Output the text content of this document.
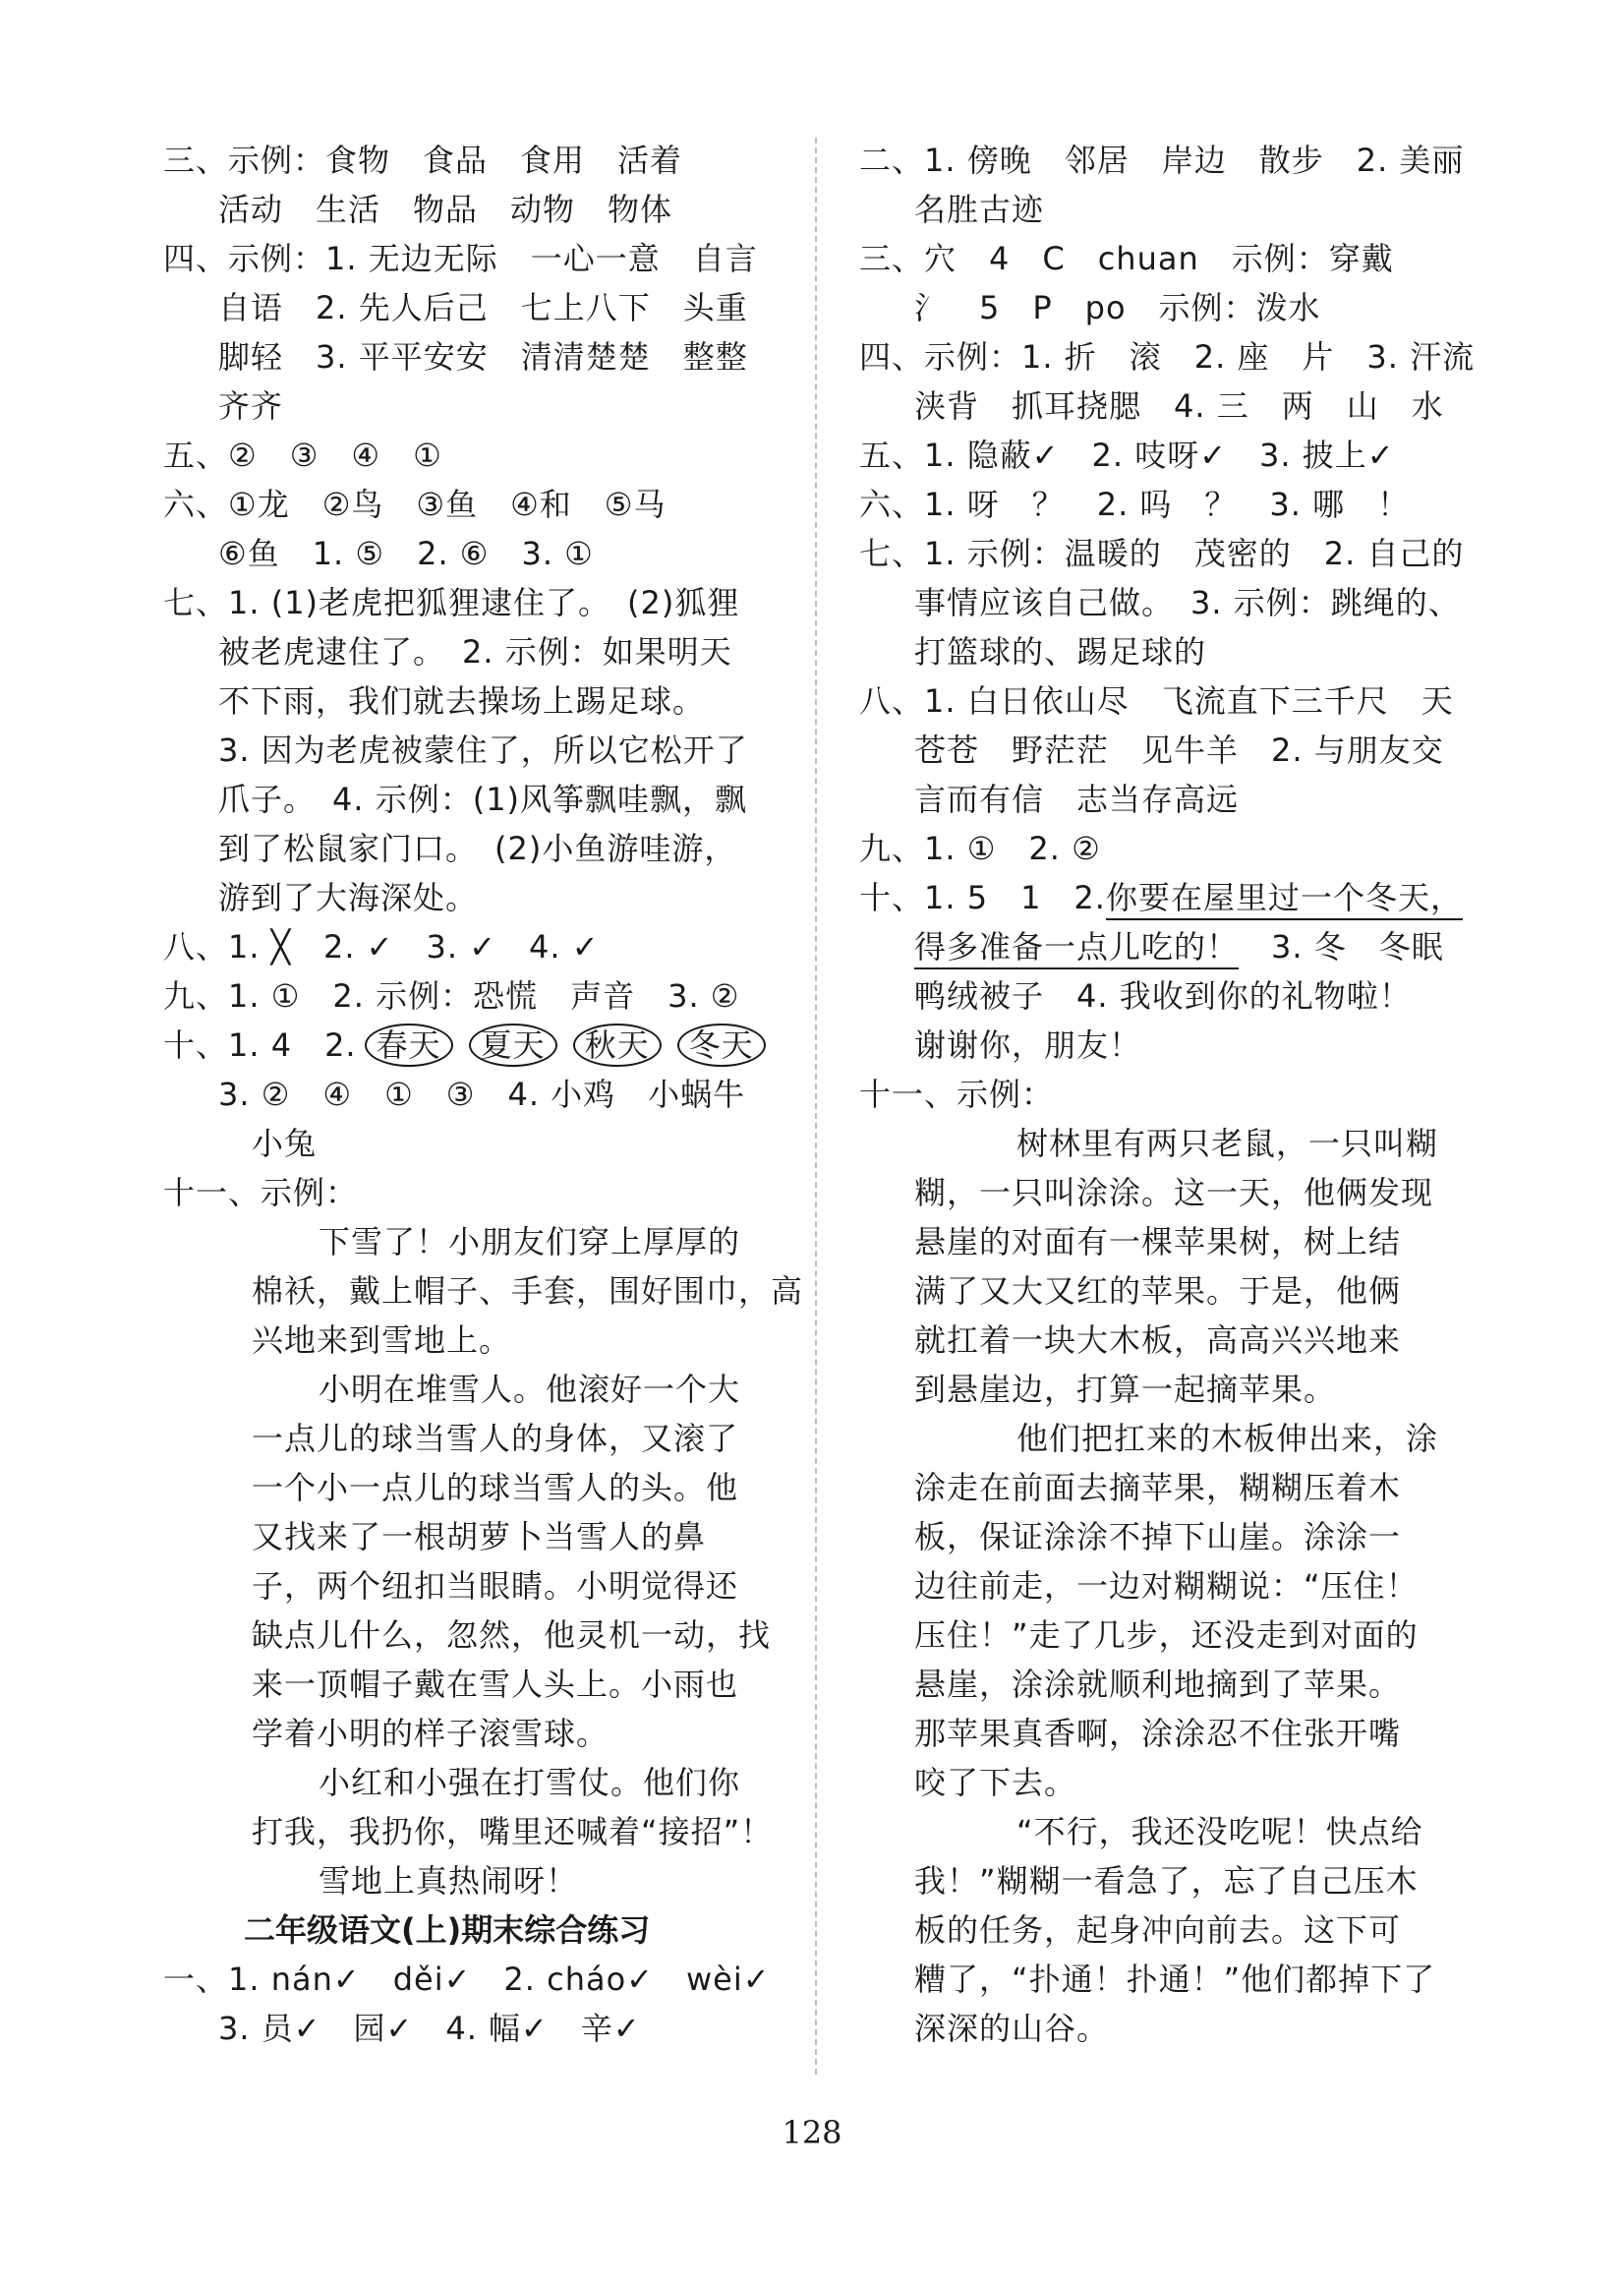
三、示例：食物　食品　食用　活着
活动　生活　物品　动物　物体
四、示例：1. 无边无际　一心一意　自言
自语　2. 先人后己　七上八下　头重
脚轻　3. 平平安安　清清楚楚　整整
齐齐
五、②　③　④　①
六、①龙　②鸟　③鱼　④和　⑤马
⑥鱼　1. ⑤　2. ⑥　3. ①
七、1. (1)老虎把狐狸逮住了。　(2)狐狸
被老虎逮住了。　2. 示例：如果明天
不下雨，我们就去操场上踢足球。
3. 因为老虎被蒙住了，所以它松开了
爪子。　4. 示例：(1)风筝飘哇飘，飘
到了松鼠家门口。　(2)小鱼游哇游，
游到了大海深处。
八、1. ╳　2. ✓　3. ✓　4. ✓
九、1. ①　2. 示例：恐慌　声音　3. ②
十、1. 4　2. 春天 夏天 秋天 冬天
3. ②　④　①　③　4. 小鸡　小蜗牛
小兔
十一、示例：
下雪了！小朋友们穿上厚厚的
棉袄，戴上帽子、手套，围好围巾，高
兴地来到雪地上。
小明在堆雪人。他滚好一个大
一点儿的球当雪人的身体，又滚了
一个小一点儿的球当雪人的头。他
又找来了一根胡萝卜当雪人的鼻
子，两个纽扣当眼睛。小明觉得还
缺点儿什么，忽然，他灵机一动，找
来一顶帽子戴在雪人头上。小雨也
学着小明的样子滚雪球。
小红和小强在打雪仗。他们你
打我，我扔你，嘴里还喊着“接招”！
雪地上真热闹呀！
二年级语文(上)期末综合练习
一、1. nán✓　děi✓　2. cháo✓　wèi✓
3. 员✓　园✓　4. 幅✓　辛✓
二、1. 傍晚　邻居　岸边　散步　2. 美丽
名胜古迹
三、穴　4　C　chuan　示例：穿戴
氵　5　P　po　示例：泼水
四、示例：1. 折　滚　2. 座　片　3. 汗流
浃背　抓耳挠腮　4. 三　两　山　水
五、1. 隐蔽✓　2. 吱呀✓　3. 披上✓
六、1. 呀　？　2. 吗　？　3. 哪　！
七、1. 示例：温暖的　茂密的　2. 自己的
事情应该自己做。　3. 示例：跳绳的、
打篮球的、踢足球的
八、1. 白日依山尽　飞流直下三千尺　天
苍苍　野茫茫　见牛羊　2. 与朋友交
言而有信　志当存高远
九、1. ①　2. ②
十、1. 5　1　2.你要在屋里过一个冬天，
得多准备一点儿吃的！　3. 冬　冬眠
鸭绒被子　4. 我收到你的礼物啦！
谢谢你，朋友！
十一、示例：
树林里有两只老鼠，一只叫糊
糊，一只叫涂涂。这一天，他俩发现
悬崖的对面有一棵苹果树，树上结
满了又大又红的苹果。于是，他俩
就扛着一块大木板，高高兴兴地来
到悬崖边，打算一起摘苹果。
他们把扛来的木板伸出来，涂
涂走在前面去摘苹果，糊糊压着木
板，保证涂涂不掉下山崖。涂涂一
边往前走，一边对糊糊说：“压住！
压住！”走了几步，还没走到对面的
悬崖，涂涂就顺利地摘到了苹果。
那苹果真香啊，涂涂忍不住张开嘴
咬了下去。
“不行，我还没吃呢！快点给
我！”糊糊一看急了，忘了自己压木
板的任务，起身冲向前去。这下可
糟了，“扑通！扑通！”他们都掉下了
深深的山谷。
128
